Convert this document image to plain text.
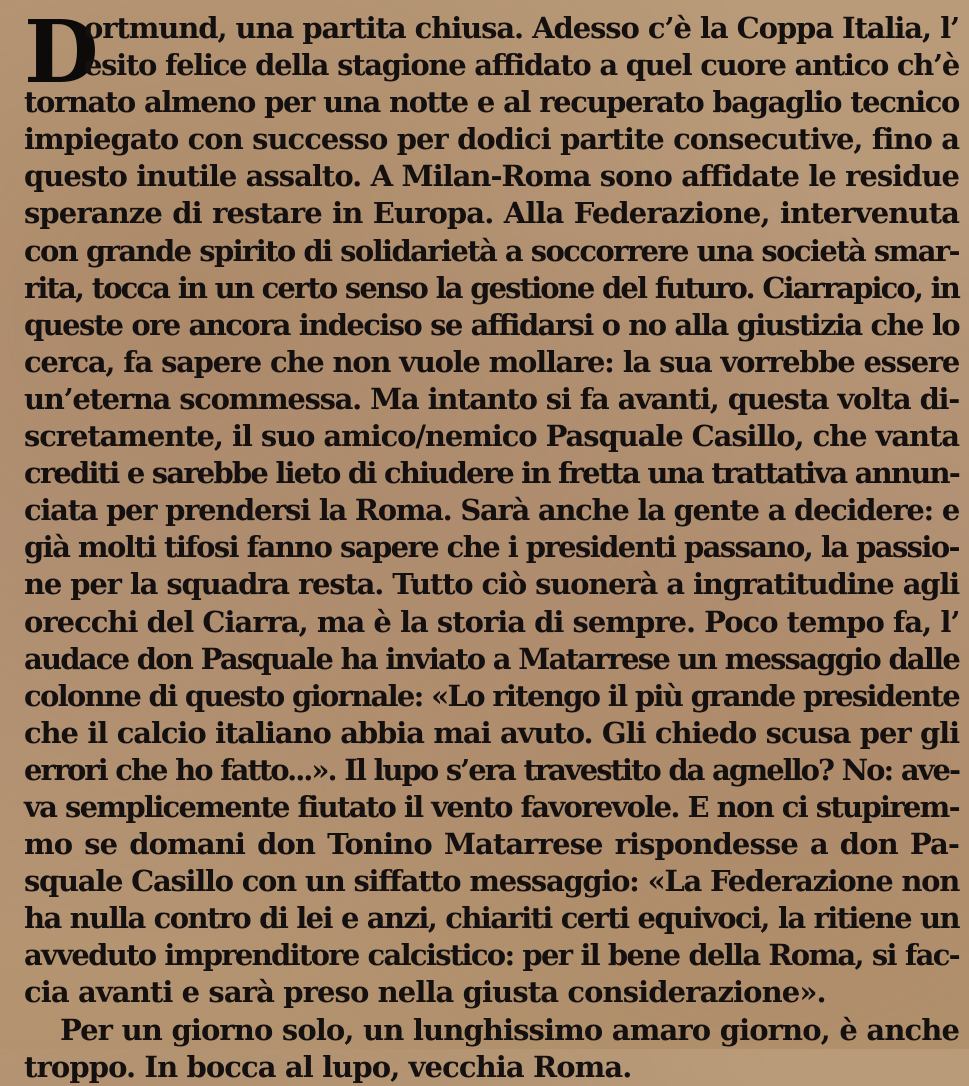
D
ortmund, una partita chiusa. Adesso c’è la Coppa Italia, l’
esito felice della stagione affidato a quel cuore antico ch’è
tornato almeno per una notte e al recuperato bagaglio tecnico
impiegato con successo per dodici partite consecutive, fino a
questo inutile assalto. A Milan-Roma sono affidate le residue
speranze di restare in Europa. Alla Federazione, intervenuta
con grande spirito di solidarietà a soccorrere una società smar-
rita, tocca in un certo senso la gestione del futuro. Ciarrapico, in
queste ore ancora indeciso se affidarsi o no alla giustizia che lo
cerca, fa sapere che non vuole mollare: la sua vorrebbe essere
un’eterna scommessa. Ma intanto si fa avanti, questa volta di-
scretamente, il suo amico/nemico Pasquale Casillo, che vanta
crediti e sarebbe lieto di chiudere in fretta una trattativa annun-
ciata per prendersi la Roma. Sarà anche la gente a decidere: e
già molti tifosi fanno sapere che i presidenti passano, la passio-
ne per la squadra resta. Tutto ciò suonerà a ingratitudine agli
orecchi del Ciarra, ma è la storia di sempre. Poco tempo fa, l’
audace don Pasquale ha inviato a Matarrese un messaggio dalle
colonne di questo giornale: «Lo ritengo il più grande presidente
che il calcio italiano abbia mai avuto. Gli chiedo scusa per gli
errori che ho fatto...». Il lupo s’era travestito da agnello? No: ave-
va semplicemente fiutato il vento favorevole. E non ci stupirem-
mo se domani don Tonino Matarrese rispondesse a don Pa-
squale Casillo con un siffatto messaggio: «La Federazione non
ha nulla contro di lei e anzi, chiariti certi equivoci, la ritiene un
avveduto imprenditore calcistico: per il bene della Roma, si fac-
cia avanti e sarà preso nella giusta considerazione».
Per un giorno solo, un lunghissimo amaro giorno, è anche
troppo. In bocca al lupo, vecchia Roma.
